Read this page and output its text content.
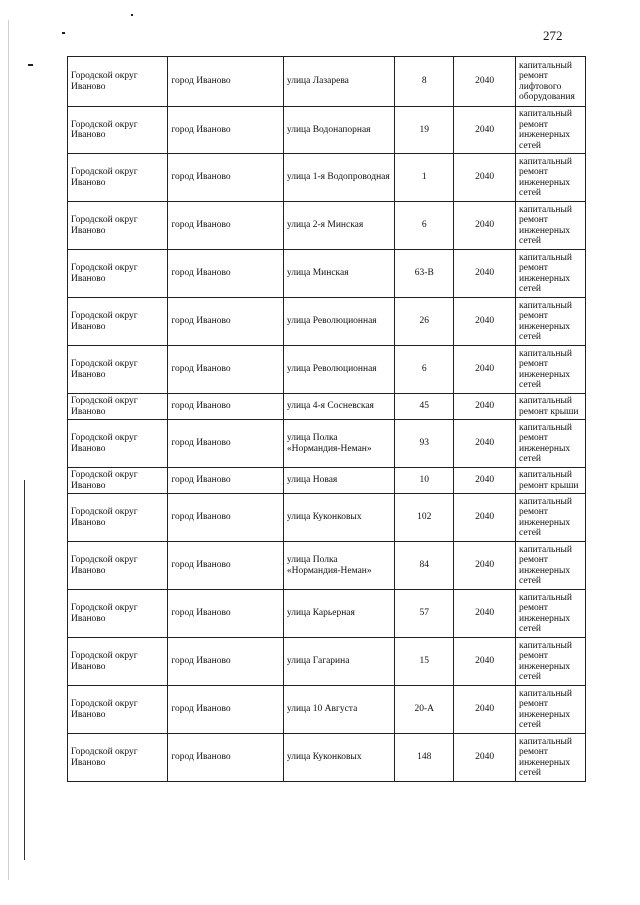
272
Городской округ Иваново	город Иваново	улица Лазарева	8	2040	капитальный ремонт лифтового оборудования
Городской округ Иваново	город Иваново	улица Водонапорная	19	2040	капитальный ремонт инженерных сетей
Городской округ Иваново	город Иваново	улица 1-я Водопроводная	1	2040	капитальный ремонт инженерных сетей
Городской округ Иваново	город Иваново	улица 2-я Минская	6	2040	капитальный ремонт инженерных сетей
Городской округ Иваново	город Иваново	улица Минская	63-В	2040	капитальный ремонт инженерных сетей
Городской округ Иваново	город Иваново	улица Революционная	26	2040	капитальный ремонт инженерных сетей
Городской округ Иваново	город Иваново	улица Революционная	6	2040	капитальный ремонт инженерных сетей
Городской округ Иваново	город Иваново	улица 4-я Сосневская	45	2040	капитальный ремонт крыши
Городской округ Иваново	город Иваново	улица Полка «Нормандия-Неман»	93	2040	капитальный ремонт инженерных сетей
Городской округ Иваново	город Иваново	улица Новая	10	2040	капитальный ремонт крыши
Городской округ Иваново	город Иваново	улица Куконковых	102	2040	капитальный ремонт инженерных сетей
Городской округ Иваново	город Иваново	улица Полка «Нормандия-Неман»	84	2040	капитальный ремонт инженерных сетей
Городской округ Иваново	город Иваново	улица Карьерная	57	2040	капитальный ремонт инженерных сетей
Городской округ Иваново	город Иваново	улица Гагарина	15	2040	капитальный ремонт инженерных сетей
Городской округ Иваново	город Иваново	улица 10 Августа	20-А	2040	капитальный ремонт инженерных сетей
Городской округ Иваново	город Иваново	улица Куконковых	148	2040	капитальный ремонт инженерных сетей
